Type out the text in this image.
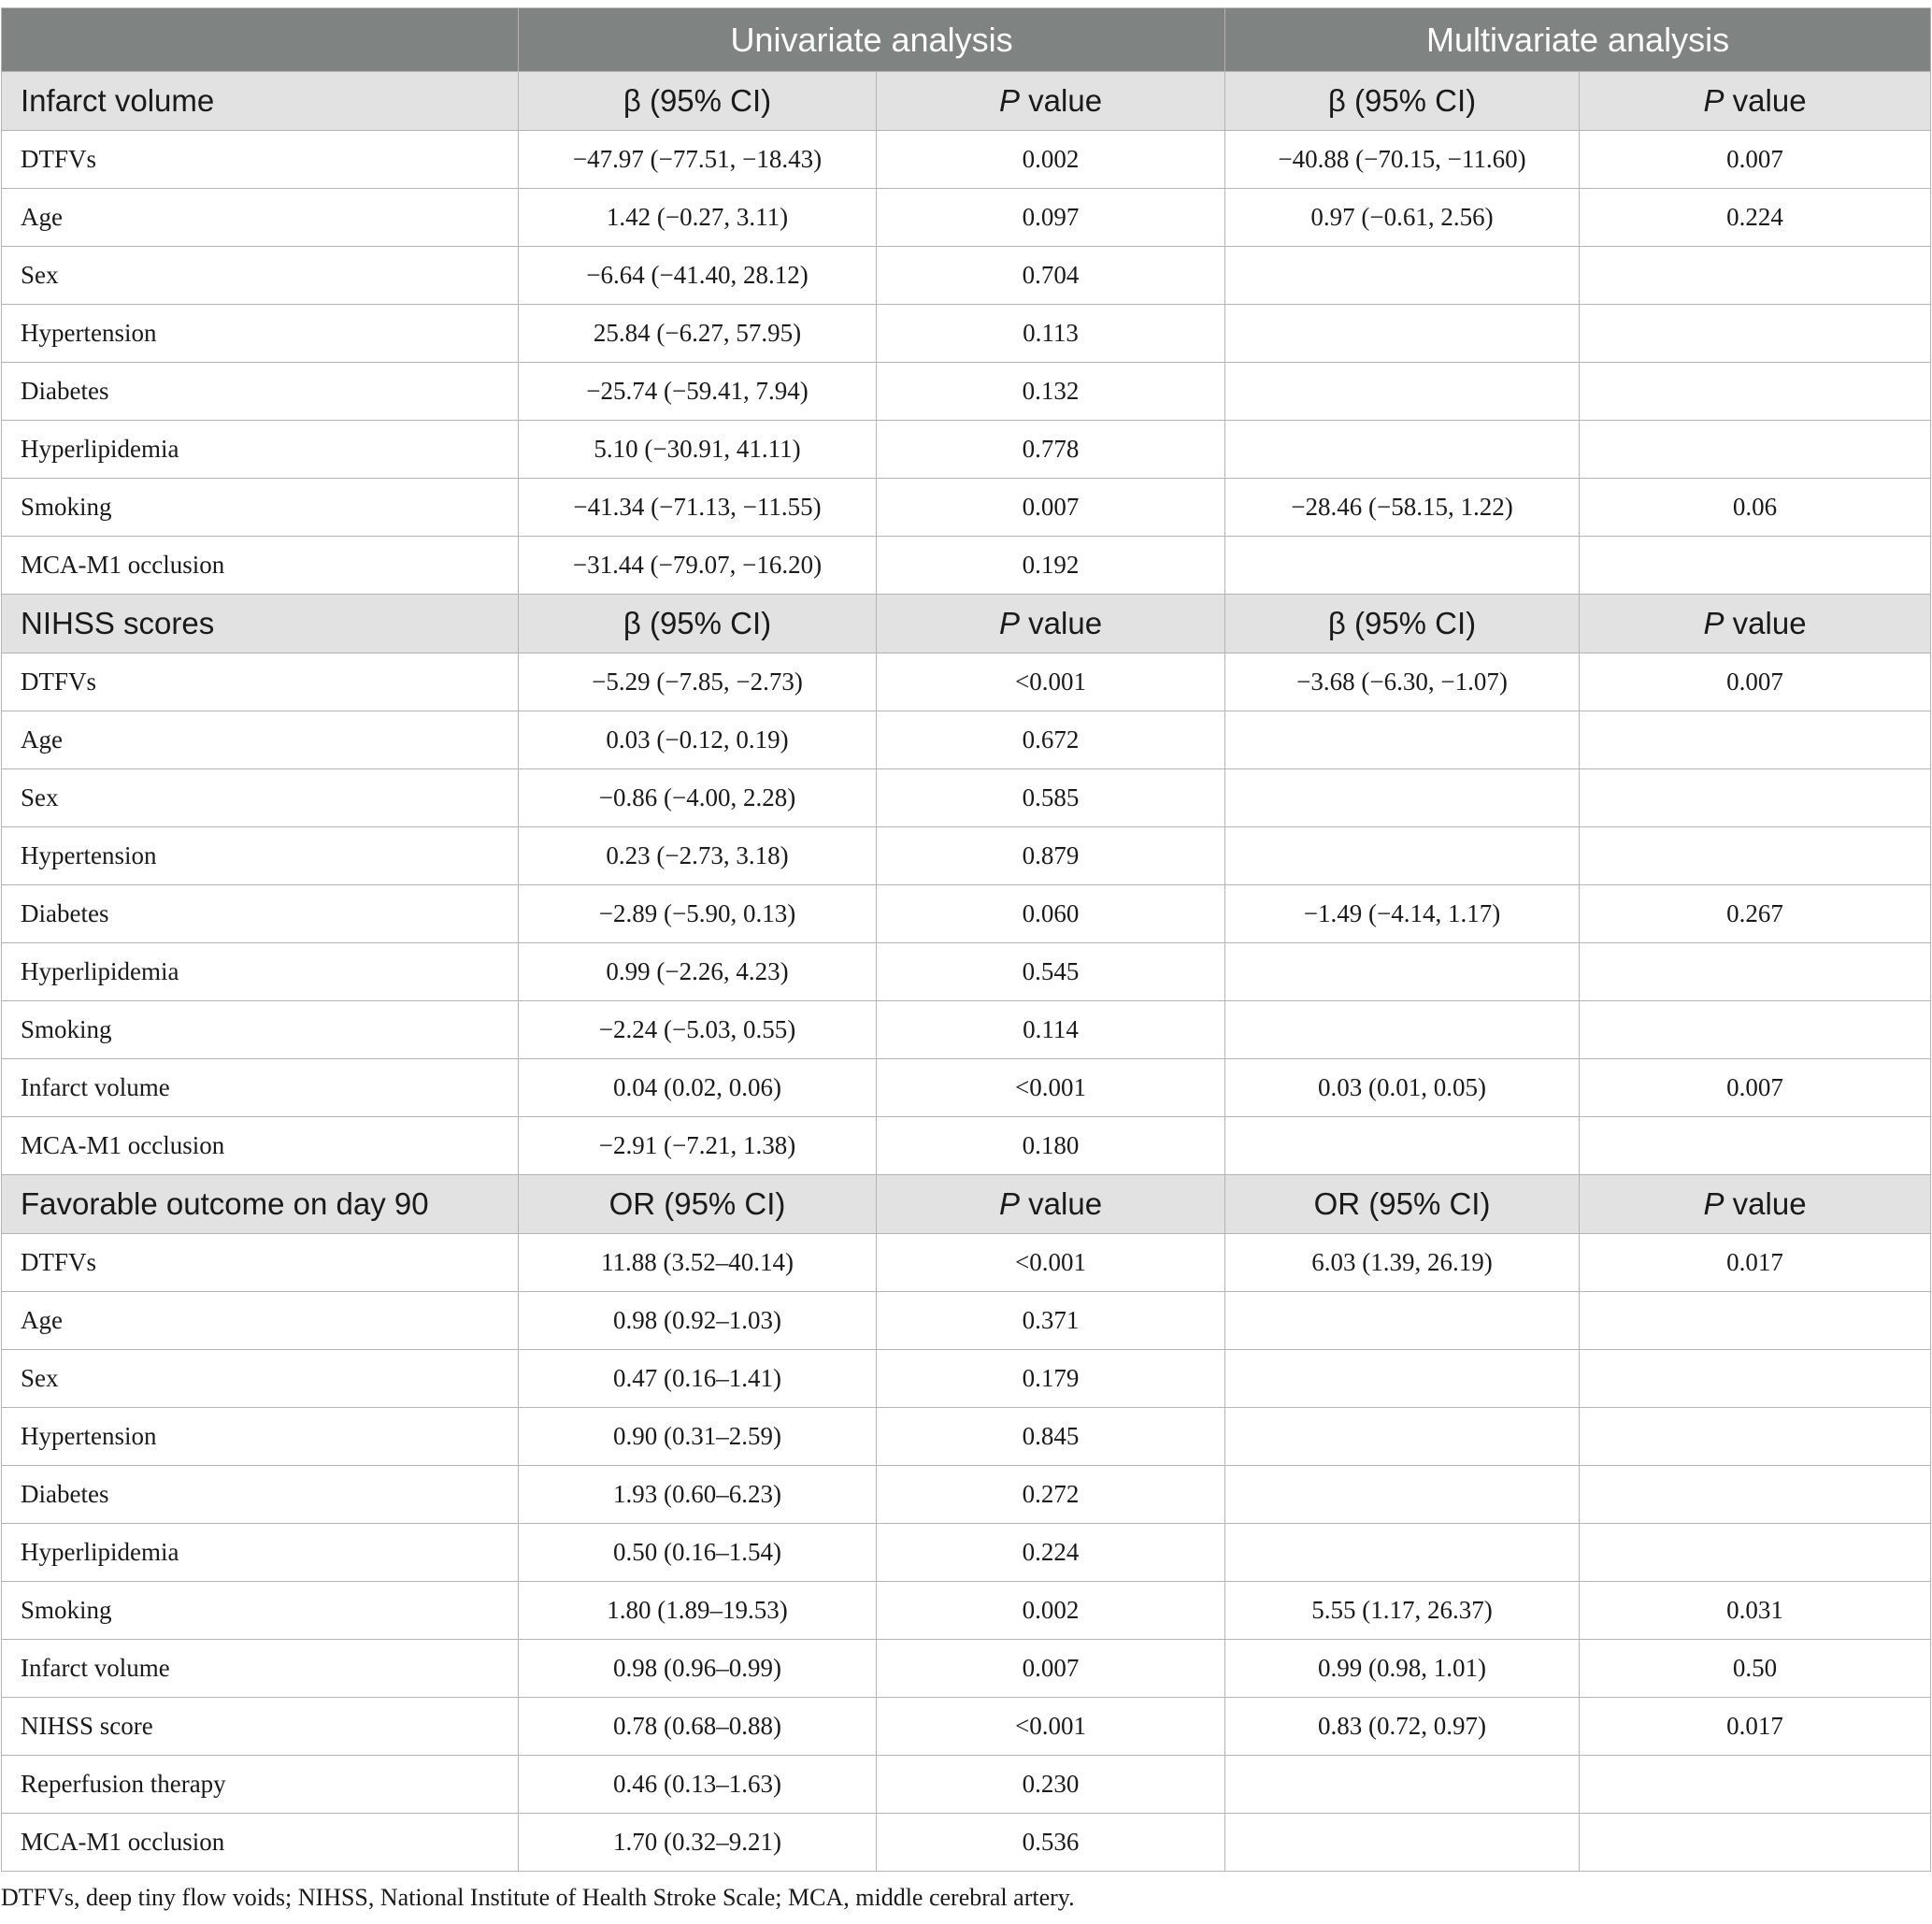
	Univariate analysis		Multivariate analysis	
Infarct volume	β (95% CI)	P value	β (95% CI)	P value
DTFVs	−47.97 (−77.51, −18.43)	0.002	−40.88 (−70.15, −11.60)	0.007
Age	1.42 (−0.27, 3.11)	0.097	0.97 (−0.61, 2.56)	0.224
Sex	−6.64 (−41.40, 28.12)	0.704		
Hypertension	25.84 (−6.27, 57.95)	0.113		
Diabetes	−25.74 (−59.41, 7.94)	0.132		
Hyperlipidemia	5.10 (−30.91, 41.11)	0.778		
Smoking	−41.34 (−71.13, −11.55)	0.007	−28.46 (−58.15, 1.22)	0.06
MCA-M1 occlusion	−31.44 (−79.07, −16.20)	0.192		
NIHSS scores	β (95% CI)	P value	β (95% CI)	P value
DTFVs	−5.29 (−7.85, −2.73)	<0.001	−3.68 (−6.30, −1.07)	0.007
Age	0.03 (−0.12, 0.19)	0.672		
Sex	−0.86 (−4.00, 2.28)	0.585		
Hypertension	0.23 (−2.73, 3.18)	0.879		
Diabetes	−2.89 (−5.90, 0.13)	0.060	−1.49 (−4.14, 1.17)	0.267
Hyperlipidemia	0.99 (−2.26, 4.23)	0.545		
Smoking	−2.24 (−5.03, 0.55)	0.114		
Infarct volume	0.04 (0.02, 0.06)	<0.001	0.03 (0.01, 0.05)	0.007
MCA-M1 occlusion	−2.91 (−7.21, 1.38)	0.180		
Favorable outcome on day 90	OR (95% CI)	P value	OR (95% CI)	P value
DTFVs	11.88 (3.52–40.14)	<0.001	6.03 (1.39, 26.19)	0.017
Age	0.98 (0.92–1.03)	0.371		
Sex	0.47 (0.16–1.41)	0.179		
Hypertension	0.90 (0.31–2.59)	0.845		
Diabetes	1.93 (0.60–6.23)	0.272		
Hyperlipidemia	0.50 (0.16–1.54)	0.224		
Smoking	1.80 (1.89–19.53)	0.002	5.55 (1.17, 26.37)	0.031
Infarct volume	0.98 (0.96–0.99)	0.007	0.99 (0.98, 1.01)	0.50
NIHSS score	0.78 (0.68–0.88)	<0.001	0.83 (0.72, 0.97)	0.017
Reperfusion therapy	0.46 (0.13–1.63)	0.230		
MCA-M1 occlusion	1.70 (0.32–9.21)	0.536		
DTFVs, deep tiny flow voids; NIHSS, National Institute of Health Stroke Scale; MCA, middle cerebral artery.
